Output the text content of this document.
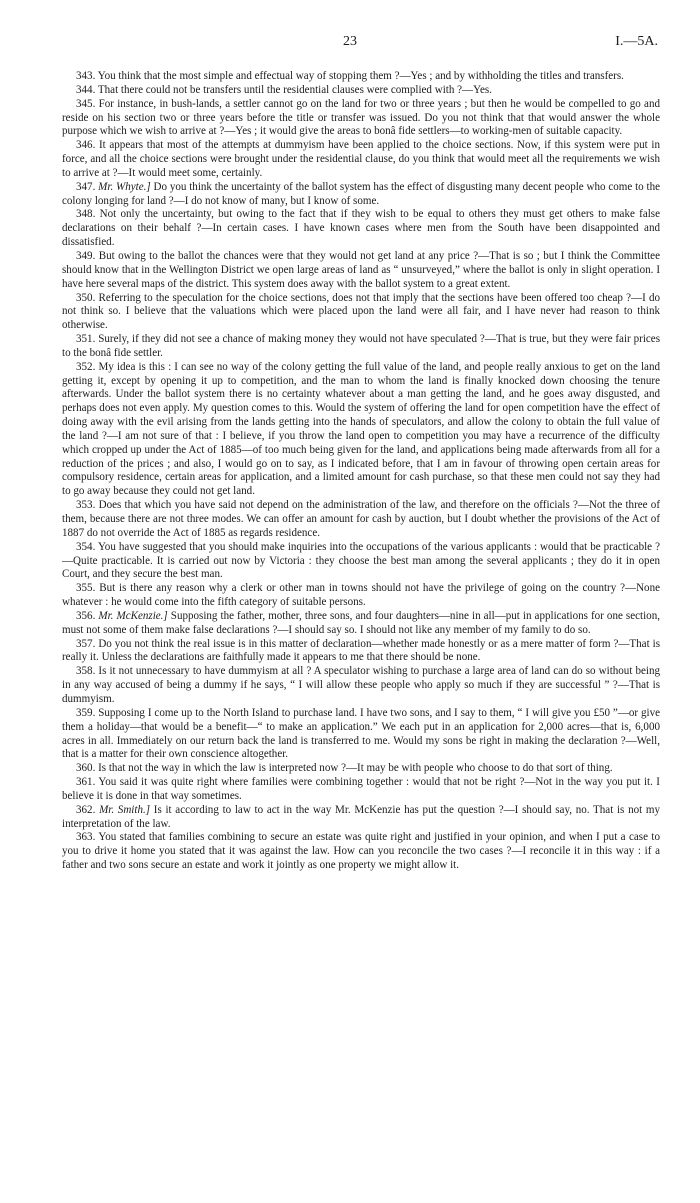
23	I.—5A.

343. You think that the most simple and effectual way of stopping them ?—Yes ; and by withholding the titles and transfers.

344. That there could not be transfers until the residential clauses were complied with ?—Yes.

345. For instance, in bush-lands, a settler cannot go on the land for two or three years ; but then he would be compelled to go and reside on his section two or three years before the title or transfer was issued. Do you not think that that would answer the whole purpose which we wish to arrive at ?—Yes ; it would give the areas to bonâ fide settlers—to working-men of suitable capacity.

346. It appears that most of the attempts at dummyism have been applied to the choice sections. Now, if this system were put in force, and all the choice sections were brought under the residential clause, do you think that would meet all the requirements we wish to arrive at ?—It would meet some, certainly.

347. Mr. Whyte.] Do you think the uncertainty of the ballot system has the effect of disgusting many decent people who come to the colony longing for land ?—I do not know of many, but I know of some.

348. Not only the uncertainty, but owing to the fact that if they wish to be equal to others they must get others to make false declarations on their behalf ?—In certain cases. I have known cases where men from the South have been disappointed and dissatisfied.

349. But owing to the ballot the chances were that they would not get land at any price ?—That is so ; but I think the Committee should know that in the Wellington District we open large areas of land as “ unsurveyed,” where the ballot is only in slight operation. I have here several maps of the district. This system does away with the ballot system to a great extent.

350. Referring to the speculation for the choice sections, does not that imply that the sections have been offered too cheap ?—I do not think so. I believe that the valuations which were placed upon the land were all fair, and I have never had reason to think otherwise.

351. Surely, if they did not see a chance of making money they would not have speculated ?—That is true, but they were fair prices to the bonâ fide settler.

352. My idea is this : I can see no way of the colony getting the full value of the land, and people really anxious to get on the land getting it, except by opening it up to competition, and the man to whom the land is finally knocked down choosing the tenure afterwards. Under the ballot system there is no certainty whatever about a man getting the land, and he goes away disgusted, and perhaps does not even apply. My question comes to this. Would the system of offering the land for open competition have the effect of doing away with the evil arising from the lands getting into the hands of speculators, and allow the colony to obtain the full value of the land ?—I am not sure of that : I believe, if you throw the land open to competition you may have a recurrence of the difficulty which cropped up under the Act of 1885—of too much being given for the land, and applications being made afterwards from all for a reduction of the prices ; and also, I would go on to say, as I indicated before, that I am in favour of throwing open certain areas for compulsory residence, certain areas for application, and a limited amount for cash purchase, so that these men could not say they had to go away because they could not get land.

353. Does that which you have said not depend on the administration of the law, and therefore on the officials ?—Not the three of them, because there are not three modes. We can offer an amount for cash by auction, but I doubt whether the provisions of the Act of 1887 do not override the Act of 1885 as regards residence.

354. You have suggested that you should make inquiries into the occupations of the various applicants : would that be practicable ?—Quite practicable. It is carried out now by Victoria : they choose the best man among the several applicants ; they do it in open Court, and they secure the best man.

355. But is there any reason why a clerk or other man in towns should not have the privilege of going on the country ?—None whatever : he would come into the fifth category of suitable persons.

356. Mr. McKenzie.] Supposing the father, mother, three sons, and four daughters—nine in all—put in applications for one section, must not some of them make false declarations ?—I should say so. I should not like any member of my family to do so.

357. Do you not think the real issue is in this matter of declaration—whether made honestly or as a mere matter of form ?—That is really it. Unless the declarations are faithfully made it appears to me that there should be none.

358. Is it not unnecessary to have dummyism at all ? A speculator wishing to purchase a large area of land can do so without being in any way accused of being a dummy if he says, “ I will allow these people who apply so much if they are successful ” ?—That is dummyism.

359. Supposing I come up to the North Island to purchase land. I have two sons, and I say to them, “ I will give you £50 ”—or give them a holiday—that would be a benefit—“ to make an application.” We each put in an application for 2,000 acres—that is, 6,000 acres in all. Immediately on our return back the land is transferred to me. Would my sons be right in making the declaration ?—Well, that is a matter for their own conscience altogether.

360. Is that not the way in which the law is interpreted now ?—It may be with people who choose to do that sort of thing.

361. You said it was quite right where families were combining together : would that not be right ?—Not in the way you put it. I believe it is done in that way sometimes.

362. Mr. Smith.] Is it according to law to act in the way Mr. McKenzie has put the question ?—I should say, no. That is not my interpretation of the law.

363. You stated that families combining to secure an estate was quite right and justified in your opinion, and when I put a case to you to drive it home you stated that it was against the law. How can you reconcile the two cases ?—I reconcile it in this way : if a father and two sons secure an estate and work it jointly as one property we might allow it.
